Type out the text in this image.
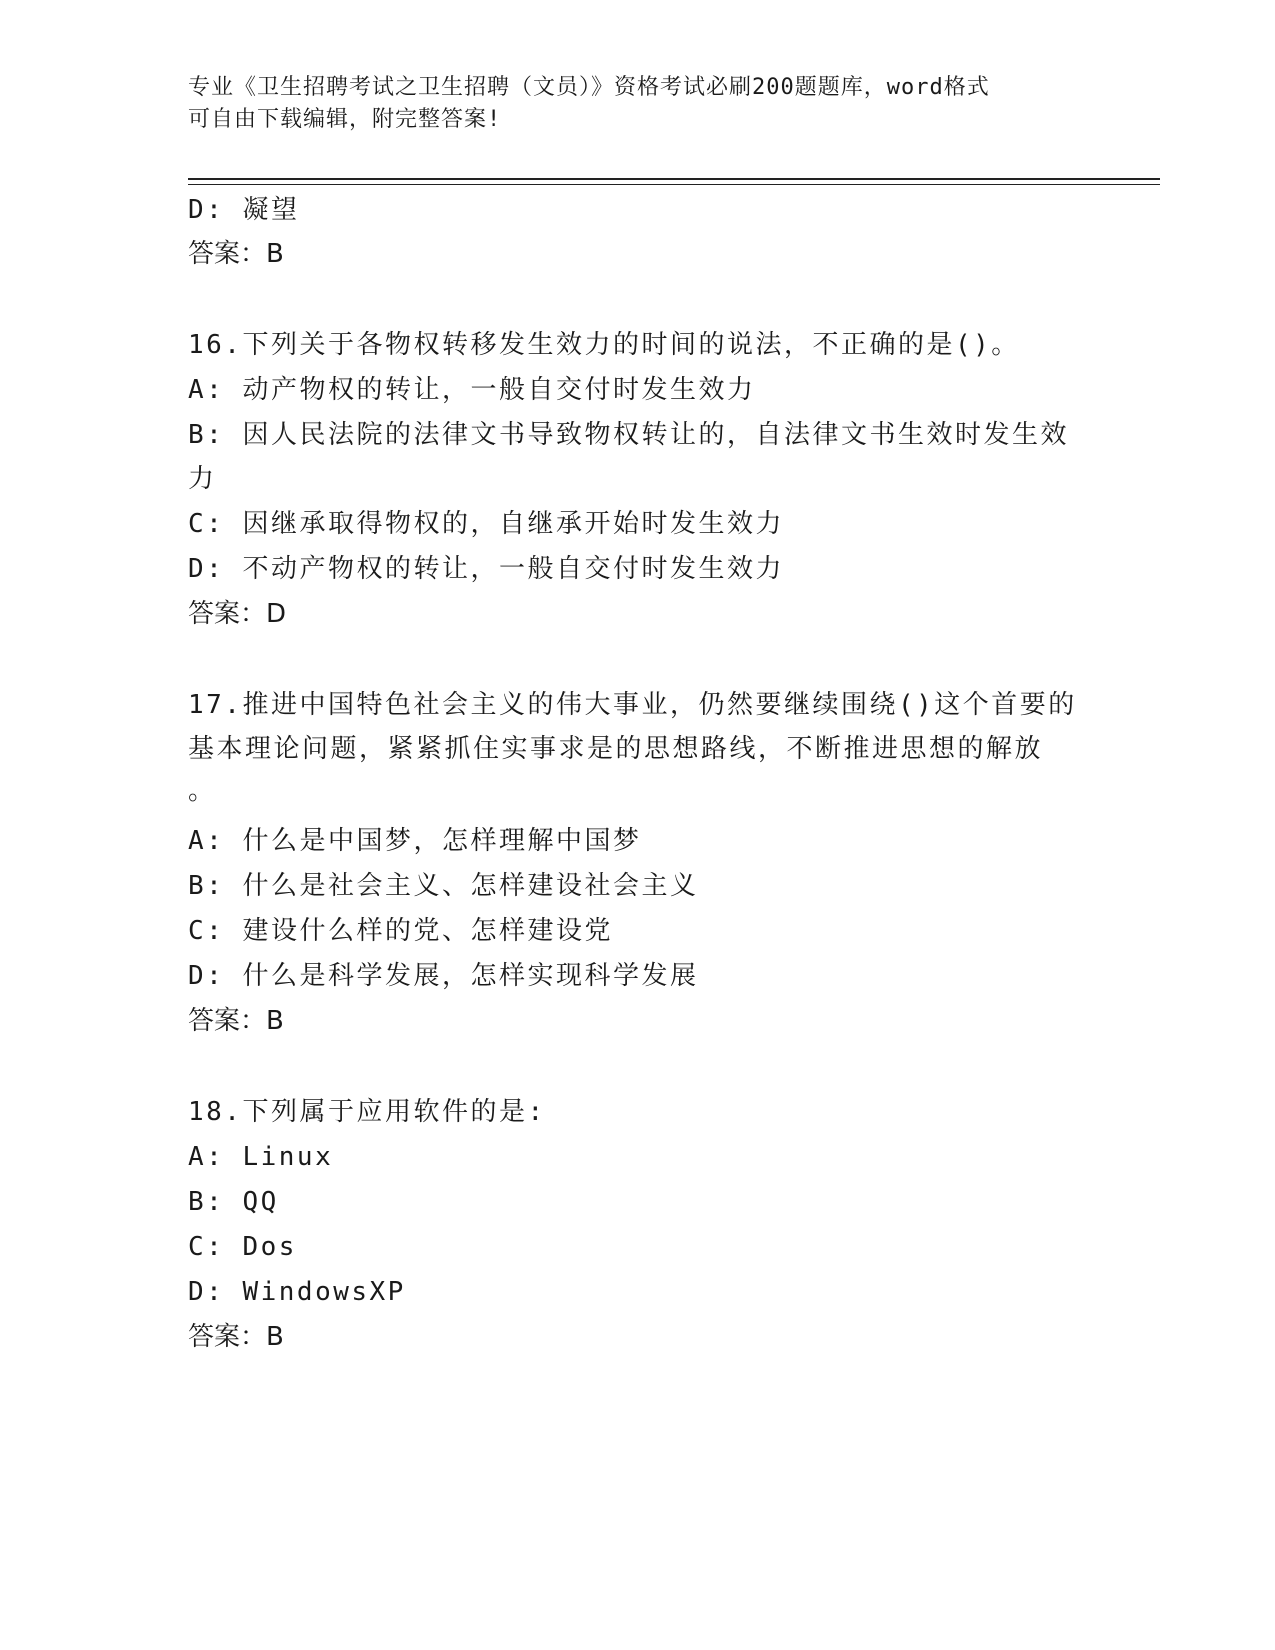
专业《卫生招聘考试之卫生招聘（文员）》资格考试必刷200题题库，word格式
可自由下载编辑，附完整答案!
D: 凝望
答案：B
16.下列关于各物权转移发生效力的时间的说法，不正确的是()。
A: 动产物权的转让，一般自交付时发生效力
B: 因人民法院的法律文书导致物权转让的，自法律文书生效时发生效
力
C: 因继承取得物权的，自继承开始时发生效力
D: 不动产物权的转让，一般自交付时发生效力
答案：D
17.推进中国特色社会主义的伟大事业，仍然要继续围绕()这个首要的
基本理论问题，紧紧抓住实事求是的思想路线，不断推进思想的解放
。
A: 什么是中国梦，怎样理解中国梦
B: 什么是社会主义、怎样建设社会主义
C: 建设什么样的党、怎样建设党
D: 什么是科学发展，怎样实现科学发展
答案：B
18.下列属于应用软件的是:
A: Linux
B: QQ
C: Dos
D: WindowsXP
答案：B
